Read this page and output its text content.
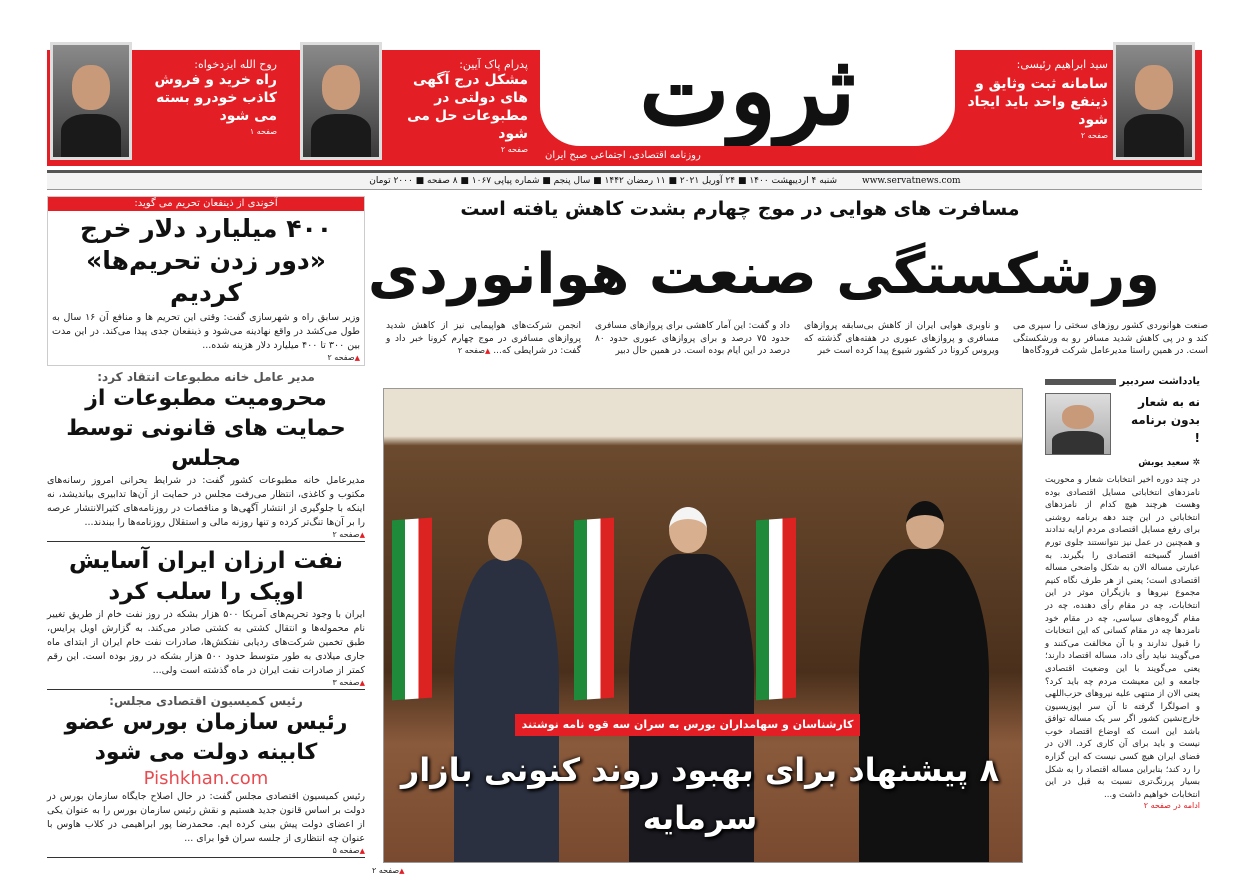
سید ابراهیم رئیسی:
سامانه ثبت وثایق و ذینفع واحد باید ایجاد شود
صفحه ۲
ثروت
روزنامه اقتصادی، اجتماعی صبح ایران
پدرام پاک آیین:
مشکل درج آگهی های دولتی در مطبوعات حل می شود
صفحه ۲
روح الله ایزدخواه:
راه خرید و فروش کاذب خودرو بسته می شود
صفحه ۱
شنبه ۴ اردیبهشت ۱۴۰۰ ■ ۲۴ آوریل ۲۰۲۱ ■ ۱۱ رمضان ۱۴۴۲ ■ سال پنجم ■ شماره پیاپی ۱۰۶۷ ■ ۸ صفحه ■ ۲۰۰۰ تومان	www.servatnews.com
مسافرت های هوایی در موج چهارم بشدت کاهش یافته است
ورشکستگی صنعت هوانوردی

صنعت هوانوردی کشور روزهای سختی را سپری می کند و در پی کاهش شدید مسافر رو به ورشکستگی است. در همین راستا مدیرعامل شرکت فرودگاه‌ها

و ناوبری هوایی ایران از کاهش بی‌سابقه پروازهای مسافری و پروازهای عبوری در هفته‌های گذشته که ویروس کرونا در کشور شیوع پیدا کرده است خبر

داد و گفت: این آمار کاهشی برای پروازهای مسافری حدود ۷۵ درصد و برای پروازهای عبوری حدود ۸۰ درصد در این ایام بوده است. در همین حال دبیر

انجمن شرکت‌های هواپیمایی نیز از کاهش شدید پروازهای مسافری در موج چهارم کرونا خبر داد و گفت: در شرایطی که... ▲ صفحه ۲

آخوندی از ذینفعان تحریم می گوید:
۴۰۰ میلیارد دلار خرج «دور زدن تحریم‌ها» کردیم

وزیر سابق راه و شهرسازی گفت: وقتی این تحریم ها و منافع آن ۱۶ سال به طول می‌کشد در واقع نهادینه می‌شود و ذینفعان جدی پیدا می‌کند. در این مدت بین ۳۰۰ تا ۴۰۰ میلیارد دلار هزینه شده...

▲ صفحه ۲
مدیر عامل خانه مطبوعات انتقاد کرد:
محرومیت مطبوعات از حمایت های قانونی توسط مجلس

مدیرعامل خانه مطبوعات کشور گفت: در شرایط بحرانی امروز رسانه‌های مکتوب و کاغذی، انتظار می‌رفت مجلس در حمایت از آن‌ها تدابیری بیاندیشد، نه اینکه با جلوگیری از انتشار آگهی‌ها و مناقصات در روزنامه‌های کثیرالانتشار عرصه را بر آن‌ها تنگ‌تر کرده و تنها روزنه مالی و استقلال روزنامه‌ها را ببندند...

▲ صفحه ۲
نفت ارزان ایران آسایش اوپک را سلب کرد

ایران با وجود تحریم‌های آمریکا ۵۰۰ هزار بشکه در روز نفت خام از طریق تغییر نام محموله‌ها و انتقال کشتی به کشتی صادر می‌کند. به گزارش اویل پرایس، طبق تخمین شرکت‌های ردیابی نفتکش‌ها، صادرات نفت خام ایران از ابتدای ماه جاری میلادی به طور متوسط حدود ۵۰۰ هزار بشکه در روز بوده است. این رقم کمتر از صادرات نفت ایران در ماه گذشته است ولی...

▲ صفحه ۳
رئیس کمیسیون اقتصادی مجلس:
رئیس سازمان بورس عضو کابینه دولت می شود
Pishkhan.com

رئیس کمیسیون اقتصادی مجلس گفت: در حال اصلاح جایگاه سازمان بورس در دولت بر اساس قانون جدید هستیم و نقش رئیس سازمان بورس را به عنوان یکی از اعضای دولت پیش بینی کرده ایم. محمدرضا پور ابراهیمی در کلاب هاوس با عنوان چه انتظاری از جلسه سران قوا برای ...

▲ صفحه ۵
کارشناسان و سهامداران بورس به سران سه قوه نامه نوشتند
۸ پیشنهاد برای بهبود روند کنونی بازار سرمایه
▲ صفحه ۲
یادداشت سردبیر
نه به شعار بدون برنامه !
✲ سعید یوبش

در چند دوره اخیر انتخابات شعار و محوریت نامزدهای انتخاباتی مسایل اقتصادی بوده وهست هرچند هیچ کدام از نامزدهای انتخاباتی در این چند دهه برنامه روشنی برای رفع مسایل اقتصادی مردم ارایه ندادند و همچنین در عمل نیز نتوانستند جلوی تورم افسار گسیخته اقتصادی را بگیرند. به عبارتی مساله الان به شکل واضحی مساله اقتصادی است؛ یعنی از هر طرف نگاه کنیم مجموع نیروها و بازیگران موثر در این انتخابات، چه در مقام رأی دهنده، چه در مقام گروه‌های سیاسی، چه در مقام خود نامزدها چه در مقام کسانی که این انتخابات را قبول ندارند و با آن مخالفت می‌کنند و می‌گویند نباید رأی داد، مساله اقتصاد دارند؛ یعنی می‌گویند با این وضعیت اقتصادی جامعه و این معیشت مردم چه باید کرد؟ یعنی الان از منتهی علیه نیروهای حزب‌اللهی و اصولگرا گرفته تا آن سر اپوزیسیون خارج‌نشین کشور اگر سر یک مساله توافق باشد این است که اوضاع اقتصاد خوب نیست و باید برای آن کاری کرد. الان در فضای ایران هیچ کسی نیست که این گزاره را رد کند؛ بنابراین مساله اقتصاد را به شکل بسیار پررنگ‌تری نسبت به قبل در این انتخابات خواهیم داشت و...

ادامه در صفحه ۲
